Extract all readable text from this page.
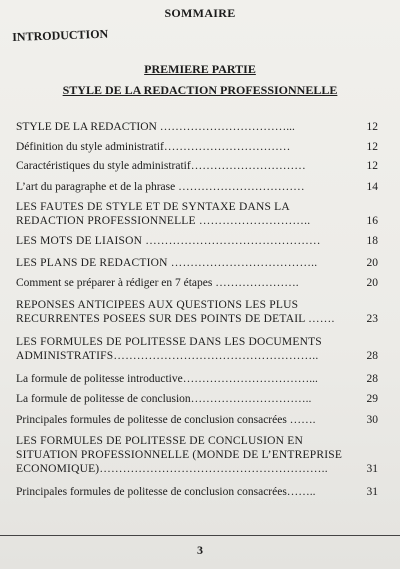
SOMMAIRE
INTRODUCTION
PREMIERE PARTIE
STYLE DE LA REDACTION PROFESSIONNELLE
STYLE DE LA REDACTION ……………………………...	12
Définition du style administratif……………………………	12
Caractéristiques du style administratif…………………………	12
L’art du paragraphe et de la phrase ……………………………	14
LES FAUTES DE STYLE ET DE SYNTAXE DANS LA REDACTION PROFESSIONNELLE ………………………..	16
LES MOTS DE LIAISON ………………………………………	18
LES PLANS DE REDACTION ………………………………..	20
Comment se préparer à rédiger en 7 étapes ………………….	20
REPONSES ANTICIPEES AUX QUESTIONS LES PLUS RECURRENTES POSEES SUR DES POINTS DE DETAIL …….	23
LES FORMULES DE POLITESSE DANS LES DOCUMENTS ADMINISTRATIFS……………………………………………..	28
La formule de politesse introductive……………………………...	28
La formule de politesse de conclusion…………………………..	29
Principales formules de politesse de conclusion consacrées …….	30
LES FORMULES DE POLITESSE DE CONCLUSION EN SITUATION PROFESSIONNELLE (MONDE DE L’ENTREPRISE ECONOMIQUE)…………………………………………………..	31
Principales formules de politesse de conclusion consacrées……..	31
3
